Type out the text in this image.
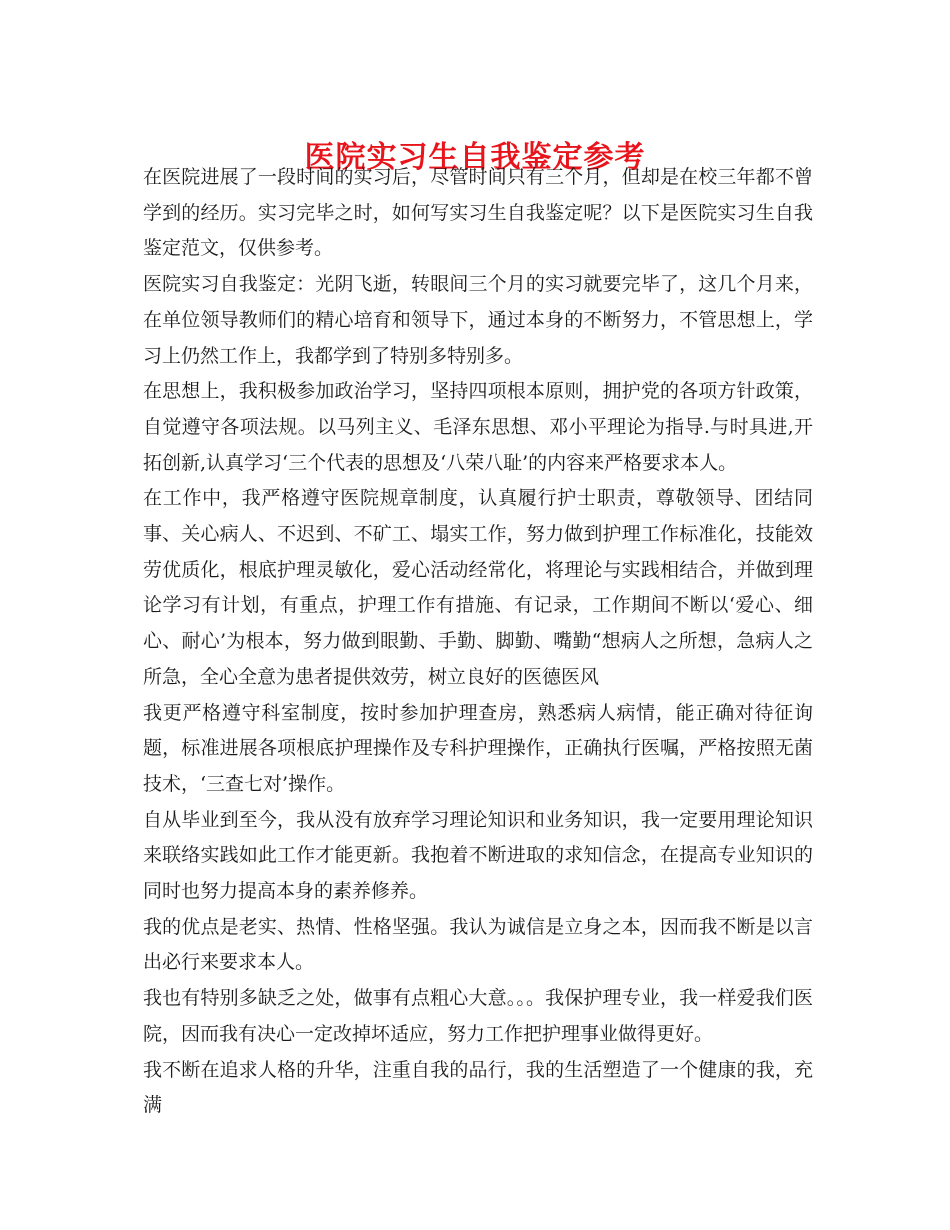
医院实习生自我鉴定参考

在医院进展了一段时间的实习后，尽管时间只有三个月，但却是在校三年都不曾学到的经历。实习完毕之时，如何写实习生自我鉴定呢？以下是医院实习生自我鉴定范文，仅供参考。

医院实习自我鉴定：光阴飞逝，转眼间三个月的实习就要完毕了，这几个月来，在单位领导教师们的精心培育和领导下，通过本身的不断努力，不管思想上，学习上仍然工作上，我都学到了特别多特别多。

在思想上，我积极参加政治学习，坚持四项根本原则，拥护党的各项方针政策，自觉遵守各项法规。以马列主义、毛泽东思想、邓小平理论为指导.与时具进,开拓创新,认真学习‘三个代表的思想及‘八荣八耻’的内容来严格要求本人。

在工作中，我严格遵守医院规章制度，认真履行护士职责，尊敬领导、团结同事、关心病人、不迟到、不矿工、塌实工作，努力做到护理工作标准化，技能效劳优质化，根底护理灵敏化，爱心活动经常化，将理论与实践相结合，并做到理论学习有计划，有重点，护理工作有措施、有记录，工作期间不断以‘爱心、细心、耐心’为根本，努力做到眼勤、手勤、脚勤、嘴勤“想病人之所想，急病人之所急，全心全意为患者提供效劳，树立良好的医德医风

我更严格遵守科室制度，按时参加护理查房，熟悉病人病情，能正确对待征询题，标准进展各项根底护理操作及专科护理操作，正确执行医嘱，严格按照无菌技术，‘三查七对’操作。

自从毕业到至今，我从没有放弃学习理论知识和业务知识，我一定要用理论知识来联络实践如此工作才能更新。我抱着不断进取的求知信念，在提高专业知识的同时也努力提高本身的素养修养。

我的优点是老实、热情、性格坚强。我认为诚信是立身之本，因而我不断是以言出必行来要求本人。

我也有特别多缺乏之处，做事有点粗心大意。。。我保护理专业，我一样爱我们医院，因而我有决心一定改掉坏适应，努力工作把护理事业做得更好。

我不断在追求人格的升华，注重自我的品行，我的生活塑造了一个健康的我，充满
